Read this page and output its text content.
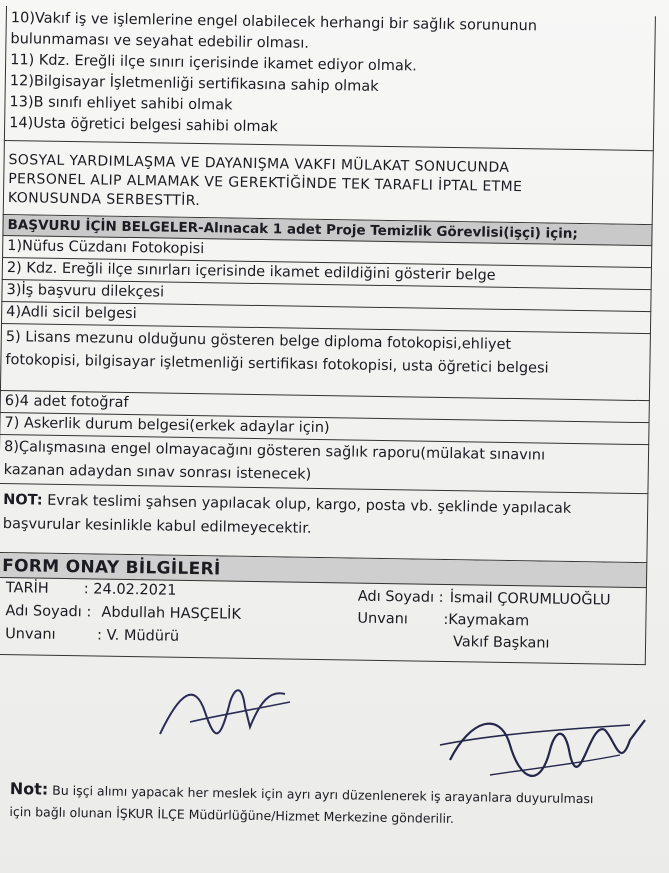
10)Vakıf iş ve işlemlerine engel olabilecek herhangi bir sağlık sorununun
bulunmaması ve seyahat edebilir olması.
11) Kdz. Ereğli ilçe sınırı içerisinde ikamet ediyor olmak.
12)Bilgisayar İşletmenliği sertifikasına sahip olmak
13)B sınıfı ehliyet sahibi olmak
14)Usta öğretici belgesi sahibi olmak
SOSYAL YARDIMLAŞMA VE DAYANIŞMA VAKFI MÜLAKAT SONUCUNDA
PERSONEL ALIP ALMAMAK VE GEREKTİĞİNDE TEK TARAFLI İPTAL ETME
KONUSUNDA SERBESTTİR.
BAŞVURU İÇİN BELGELER-Alınacak 1 adet Proje Temizlik Görevlisi(işçi) için;
1)Nüfus Cüzdanı Fotokopisi
2) Kdz. Ereğli ilçe sınırları içerisinde ikamet edildiğini gösterir belge
3)İş başvuru dilekçesi
4)Adli sicil belgesi
5) Lisans mezunu olduğunu gösteren belge diploma fotokopisi,ehliyet
fotokopisi, bilgisayar işletmenliği sertifikası fotokopisi, usta öğretici belgesi
6)4 adet fotoğraf
7) Askerlik durum belgesi(erkek adaylar için)
8)Çalışmasına engel olmayacağını gösteren sağlık raporu(mülakat sınavını
kazanan adaydan sınav sonrası istenecek)
NOT: Evrak teslimi şahsen yapılacak olup, kargo, posta vb. şeklinde yapılacak
başvurular kesinlikle kabul edilmeyecektir.
FORM ONAY BİLGİLERİ
TARİH : 24.02.2021
Adı Soyadı : Abdullah HASÇELİK
Unvanı	: V. Müdürü
Adı Soyadı : İsmail ÇORUMLUOĞLU
Unvanı :Kaymakam
Vakıf Başkanı
Not: Bu işçi alımı yapacak her meslek için ayrı ayrı düzenlenerek iş arayanlara duyurulması
için bağlı olunan İŞKUR İLÇE Müdürlüğüne/Hizmet Merkezine gönderilir.
